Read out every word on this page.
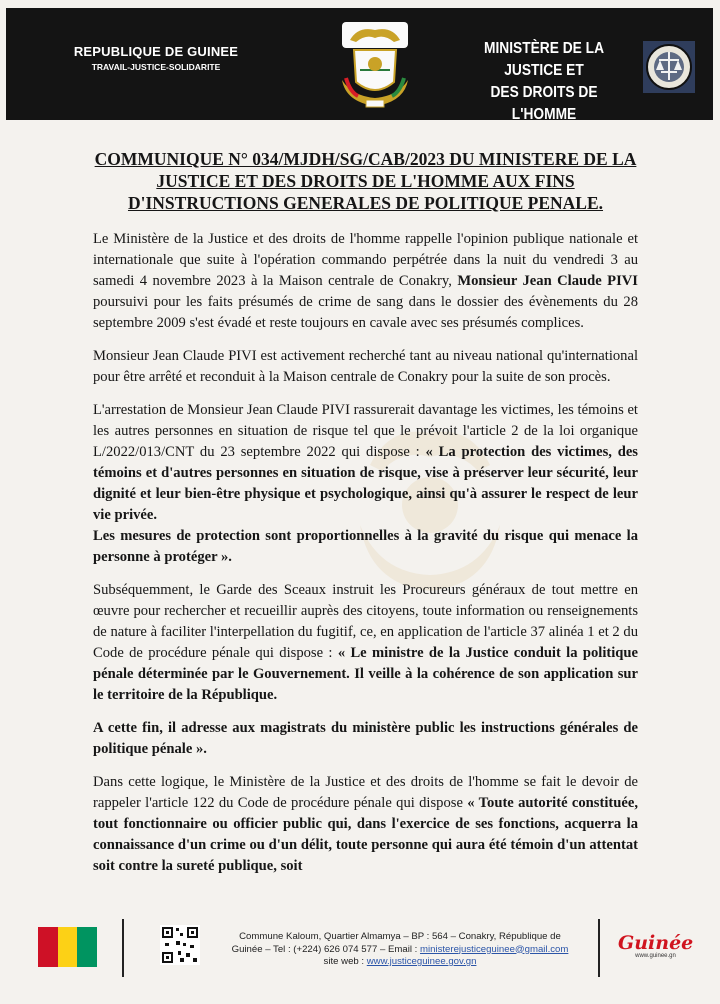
REPUBLIQUE DE GUINEE
TRAVAIL-JUSTICE-SOLIDARITE
MINISTÈRE DE LA JUSTICE ET
DES DROITS DE L'HOMME
COMMUNIQUE N° 034/MJDH/SG/CAB/2023 DU MINISTERE DE LA JUSTICE ET DES DROITS DE L'HOMME AUX FINS D'INSTRUCTIONS GENERALES DE POLITIQUE PENALE.

Le Ministère de la Justice et des droits de l'homme rappelle l'opinion publique nationale et internationale que suite à l'opération commando perpétrée dans la nuit du vendredi 3 au samedi 4 novembre 2023 à la Maison centrale de Conakry, Monsieur Jean Claude PIVI poursuivi pour les faits présumés de crime de sang dans le dossier des évènements du 28 septembre 2009 s'est évadé et reste toujours en cavale avec ses présumés complices.

Monsieur Jean Claude PIVI est activement recherché tant au niveau national qu'international pour être arrêté et reconduit à la Maison centrale de Conakry pour la suite de son procès.

L'arrestation de Monsieur Jean Claude PIVI rassurerait davantage les victimes, les témoins et les autres personnes en situation de risque tel que le prévoit l'article 2 de la loi organique L/2022/013/CNT du 23 septembre 2022 qui dispose : « La protection des victimes, des témoins et d'autres personnes en situation de risque, vise à préserver leur sécurité, leur dignité et leur bien-être physique et psychologique, ainsi qu'à assurer le respect de leur vie privée.
Les mesures de protection sont proportionnelles à la gravité du risque qui menace la personne à protéger ».

Subséquemment, le Garde des Sceaux instruit les Procureurs généraux de tout mettre en œuvre pour rechercher et recueillir auprès des citoyens, toute information ou renseignements de nature à faciliter l'interpellation du fugitif, ce, en application de l'article 37 alinéa 1 et 2 du Code de procédure pénale qui dispose : « Le ministre de la Justice conduit la politique pénale déterminée par le Gouvernement. Il veille à la cohérence de son application sur le territoire de la République.

A cette fin, il adresse aux magistrats du ministère public les instructions générales de politique pénale ».

Dans cette logique, le Ministère de la Justice et des droits de l'homme se fait le devoir de rappeler l'article 122 du Code de procédure pénale qui dispose « Toute autorité constituée, tout fonctionnaire ou officier public qui, dans l'exercice de ses fonctions, acquerra la connaissance d'un crime ou d'un délit, toute personne qui aura été témoin d'un attentat soit contre la sureté publique, soit

Commune Kaloum, Quartier Almamya – BP : 564 – Conakry, République de
Guinée – Tel : (+224) 626 074 577 – Email : ministerejusticeguinee@gmail.com
site web : www.justiceguinee.gov.gn
Guinée
www.guinee.gn
